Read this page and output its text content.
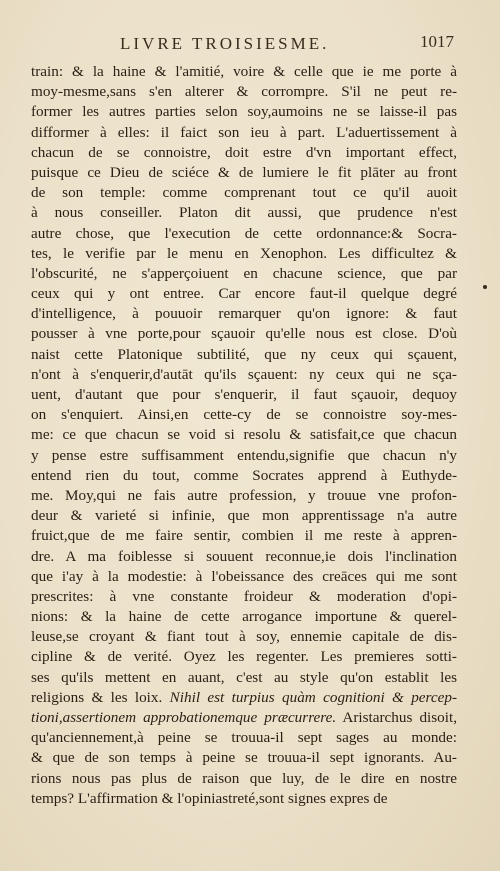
LIVRE TROISIESME.	1017
train: & la haine & l'amitié, voire & celle que ie me porte à
moy-mesme,sans s'en alterer & corrompre. S'il ne peut re-
former les autres parties selon soy,aumoins ne se laisse-il pas
difformer à elles: il faict son ieu à part. L'aduertissement à
chacun de se connoistre, doit estre d'vn important effect,
puisque ce Dieu de sciéce & de lumiere le fit plāter au front
de son temple: comme comprenant tout ce qu'il auoit
à nous conseiller. Platon dit aussi, que prudence n'est
autre chose, que l'execution de cette ordonnance:& Socra-
tes, le verifie par le menu en Xenophon. Les difficultez &
l'obscurité, ne s'apperçoiuent en chacune science, que par
ceux qui y ont entree. Car encore faut-il quelque degré
d'intelligence, à pouuoir remarquer qu'on ignore: & faut
pousser à vne porte,pour sçauoir qu'elle nous est close. D'où
naist cette Platonique subtilité, que ny ceux qui sçauent,
n'ont à s'enquerir,d'autāt qu'ils sçauent: ny ceux qui ne sça-
uent, d'autant que pour s'enquerir, il faut sçauoir, dequoy
on s'enquiert. Ainsi,en cette-cy de se connoistre soy-mes-
me: ce que chacun se void si resolu & satisfait,ce que chacun
y pense estre suffisamment entendu,signifie que chacun n'y
entend rien du tout, comme Socrates apprend à Euthyde-
me. Moy,qui ne fais autre profession, y trouue vne profon-
deur & varieté si infinie, que mon apprentissage n'a autre
fruict,que de me faire sentir, combien il me reste à appren-
dre. A ma foiblesse si souuent reconnue,ie dois l'inclination
que i'ay à la modestie: à l'obeissance des creāces qui me sont
prescrites: à vne constante froideur & moderation d'opi-
nions: & la haine de cette arrogance importune & querel-
leuse,se croyant & fiant tout à soy, ennemie capitale de dis-
cipline & de verité. Oyez les regenter. Les premieres sotti-
ses qu'ils mettent en auant, c'est au style qu'on establit les
religions & les loix. Nihil est turpius quàm cognitioni & percep-
tioni,assertionem approbationemque præcurrere. Aristarchus disoit,
qu'anciennement,à peine se trouua-il sept sages au monde:
& que de son temps à peine se trouua-il sept ignorants. Au-
rions nous pas plus de raison que luy, de le dire en nostre
temps? L'affirmation & l'opiniastreté,sont signes expres de
